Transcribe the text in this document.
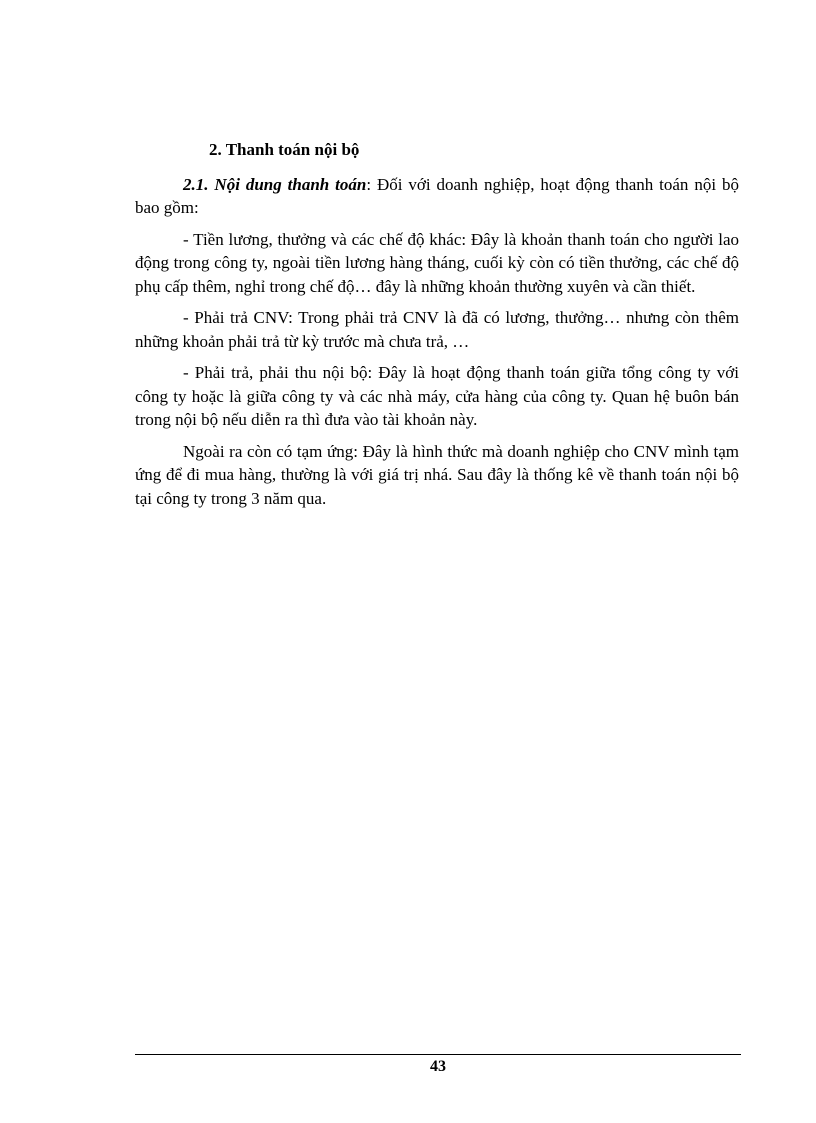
2. Thanh toán nội bộ

2.1. Nội dung thanh toán: Đối với doanh nghiệp, hoạt động thanh toán nội bộ bao gồm:

- Tiền lương, thưởng và các chế độ khác: Đây là khoản thanh toán cho người lao động trong công ty, ngoài tiền lương hàng tháng, cuối kỳ còn có tiền thưởng, các chế độ phụ cấp thêm, nghỉ trong chế độ… đây là những khoản thường xuyên và cần thiết.

- Phải trả CNV: Trong phải trả CNV là đã có lương, thưởng… nhưng còn thêm những khoản phải trả từ kỳ trước mà chưa trả, …

- Phải trả, phải thu nội bộ: Đây là hoạt động thanh toán giữa tổng công ty với công ty hoặc là giữa công ty và các nhà máy, cửa hàng của công ty. Quan hệ buôn bán trong nội bộ nếu diễn ra thì đưa vào tài khoản này.

Ngoài ra còn có tạm ứng: Đây là hình thức mà doanh nghiệp cho CNV mình tạm ứng để đi mua hàng, thường là với giá trị nhá. Sau đây là thống kê về thanh toán nội bộ tại công ty trong 3 năm qua.

43
